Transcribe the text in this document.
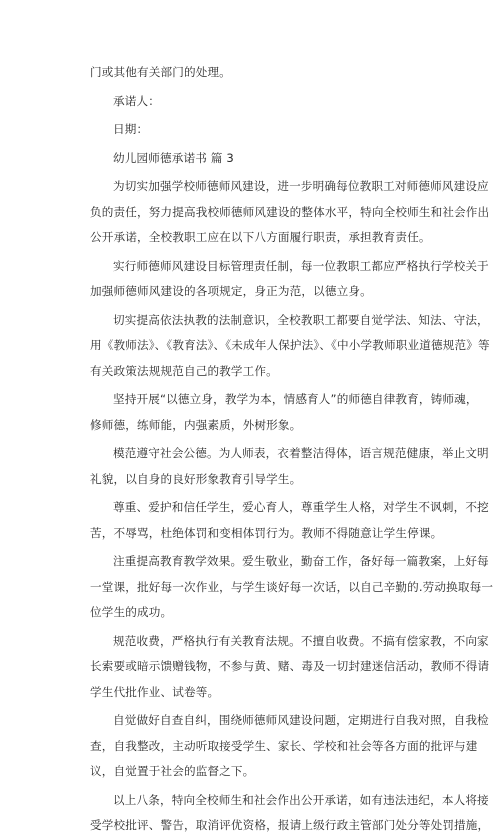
门或其他有关部门的处理。
承诺人：
日期：
幼儿园师德承诺书 篇 3
为切实加强学校师德师风建设，进一步明确每位教职工对师德师风建设应
负的责任，努力提高我校师德师风建设的整体水平，特向全校师生和社会作出
公开承诺，全校教职工应在以下八方面履行职责，承担教育责任。
实行师德师风建设目标管理责任制，每一位教职工都应严格执行学校关于
加强师德师风建设的各项规定，身正为范，以德立身。
切实提高依法执教的法制意识，全校教职工都要自觉学法、知法、守法，
用《教师法》、《教育法》、《未成年人保护法》、《中小学教师职业道德规范》等
有关政策法规规范自己的教学工作。
坚持开展“以德立身，教学为本，情感育人”的师德自律教育，铸师魂，
修师德，练师能，内强素质，外树形象。
模范遵守社会公德。为人师表，衣着整洁得体，语言规范健康，举止文明
礼貌，以自身的良好形象教育引导学生。
尊重、爱护和信任学生，爱心育人，尊重学生人格，对学生不讽刺，不挖
苦，不辱骂，杜绝体罚和变相体罚行为。教师不得随意让学生停课。
注重提高教育教学效果。爱生敬业，勤奋工作，备好每一篇教案，上好每
一堂课，批好每一次作业，与学生谈好每一次话，以自己辛勤的.劳动换取每一
位学生的成功。
规范收费，严格执行有关教育法规。不擅自收费。不搞有偿家教，不向家
长索要或暗示馈赠钱物，不参与黄、赌、毒及一切封建迷信活动，教师不得请
学生代批作业、试卷等。
自觉做好自查自纠，围绕师德师风建设问题，定期进行自我对照，自我检
查，自我整改，主动听取接受学生、家长、学校和社会等各方面的批评与建
议，自觉置于社会的监督之下。
以上八条，特向全校师生和社会作出公开承诺，如有违法违纪，本人将接
受学校批评、警告，取消评优资格，报请上级行政主管部门处分等处罚措施，
